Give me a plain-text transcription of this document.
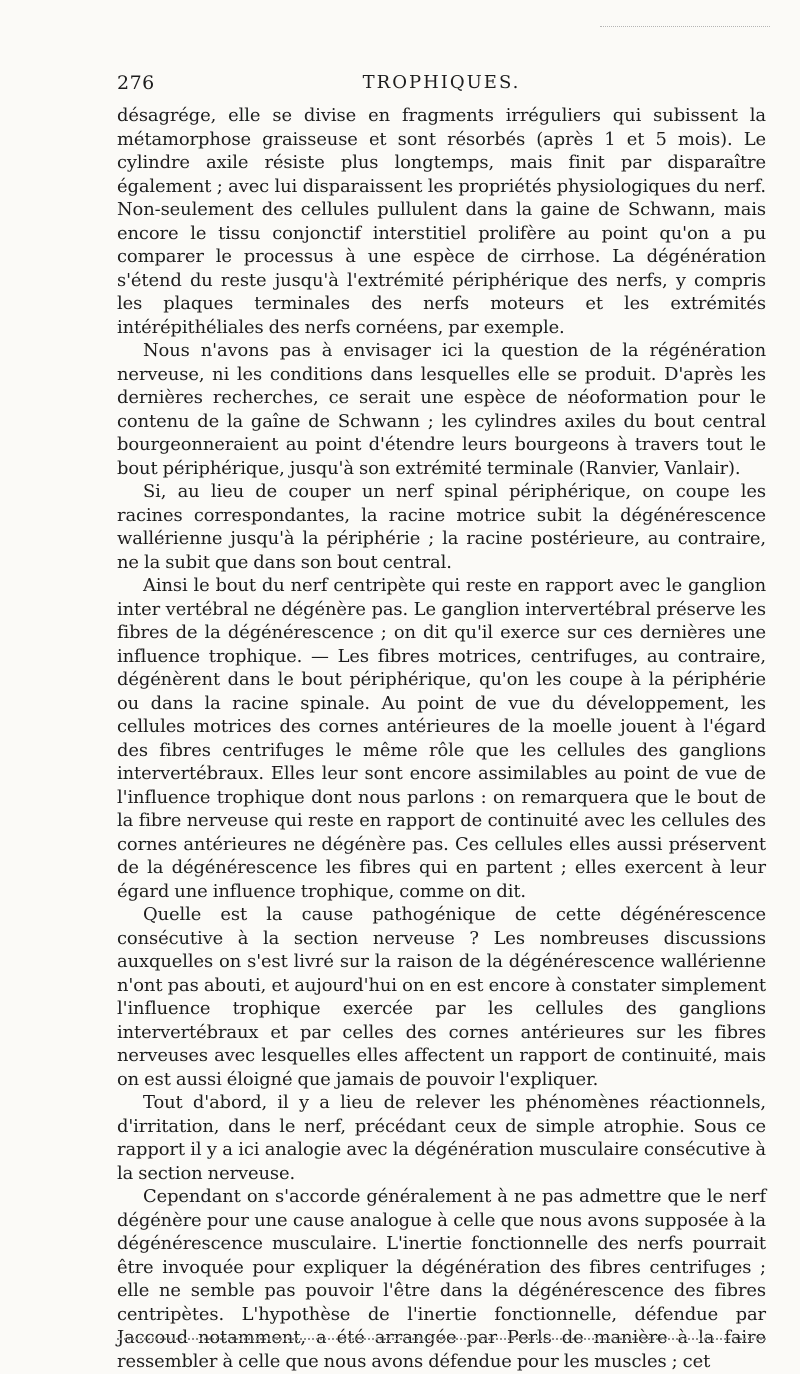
276	TROPHIQUES.

désagrége, elle se divise en fragments irréguliers qui subissent la métamorphose graisseuse et sont résorbés (après 1 et 5 mois). Le cylindre axile résiste plus longtemps, mais finit par disparaître également ; avec lui disparaissent les propriétés physiologiques du nerf. Non-seulement des cellules pullulent dans la gaine de Schwann, mais encore le tissu conjonctif interstitiel prolifère au point qu'on a pu comparer le processus à une espèce de cirrhose. La dégénération s'étend du reste jusqu'à l'extrémité périphérique des nerfs, y compris les plaques terminales des nerfs moteurs et les extrémités intérépithéliales des nerfs cornéens, par exemple.

Nous n'avons pas à envisager ici la question de la régénération nerveuse, ni les conditions dans lesquelles elle se produit. D'après les dernières recherches, ce serait une espèce de néoformation pour le contenu de la gaîne de Schwann ; les cylindres axiles du bout central bourgeonneraient au point d'étendre leurs bourgeons à travers tout le bout périphérique, jusqu'à son extrémité terminale (Ranvier, Vanlair).

Si, au lieu de couper un nerf spinal périphérique, on coupe les racines correspondantes, la racine motrice subit la dégénérescence wallérienne jusqu'à la périphérie ; la racine postérieure, au contraire, ne la subit que dans son bout central.

Ainsi le bout du nerf centripète qui reste en rapport avec le ganglion inter vertébral ne dégénère pas. Le ganglion intervertébral préserve les fibres de la dégénérescence ; on dit qu'il exerce sur ces dernières une influence trophique. — Les fibres motrices, centrifuges, au contraire, dégénèrent dans le bout périphérique, qu'on les coupe à la périphérie ou dans la racine spinale. Au point de vue du développement, les cellules motrices des cornes antérieures de la moelle jouent à l'égard des fibres centrifuges le même rôle que les cellules des ganglions intervertébraux. Elles leur sont encore assimilables au point de vue de l'influence trophique dont nous parlons : on remarquera que le bout de la fibre nerveuse qui reste en rapport de continuité avec les cellules des cornes antérieures ne dégénère pas. Ces cellules elles aussi préservent de la dégénérescence les fibres qui en partent ; elles exercent à leur égard une influence trophique, comme on dit.

Quelle est la cause pathogénique de cette dégénérescence consécutive à la section nerveuse ? Les nombreuses discussions auxquelles on s'est livré sur la raison de la dégénérescence wallérienne n'ont pas abouti, et aujourd'hui on en est encore à constater simplement l'influence trophique exercée par les cellules des ganglions intervertébraux et par celles des cornes antérieures sur les fibres nerveuses avec lesquelles elles affectent un rapport de continuité, mais on est aussi éloigné que jamais de pouvoir l'expliquer.

Tout d'abord, il y a lieu de relever les phénomènes réactionnels, d'irritation, dans le nerf, précédant ceux de simple atrophie. Sous ce rapport il y a ici analogie avec la dégénération musculaire consécutive à la section nerveuse.

Cependant on s'accorde généralement à ne pas admettre que le nerf dégénère pour une cause analogue à celle que nous avons supposée à la dégénérescence musculaire. L'inertie fonctionnelle des nerfs pourrait être invoquée pour expliquer la dégénération des fibres centrifuges ; elle ne semble pas pouvoir l'être dans la dégénérescence des fibres centripètes. L'hypothèse de l'inertie fonctionnelle, défendue par Jaccoud notamment, a été arrangée par Perls de manière à la faire ressembler à celle que nous avons défendue pour les muscles ; cet
